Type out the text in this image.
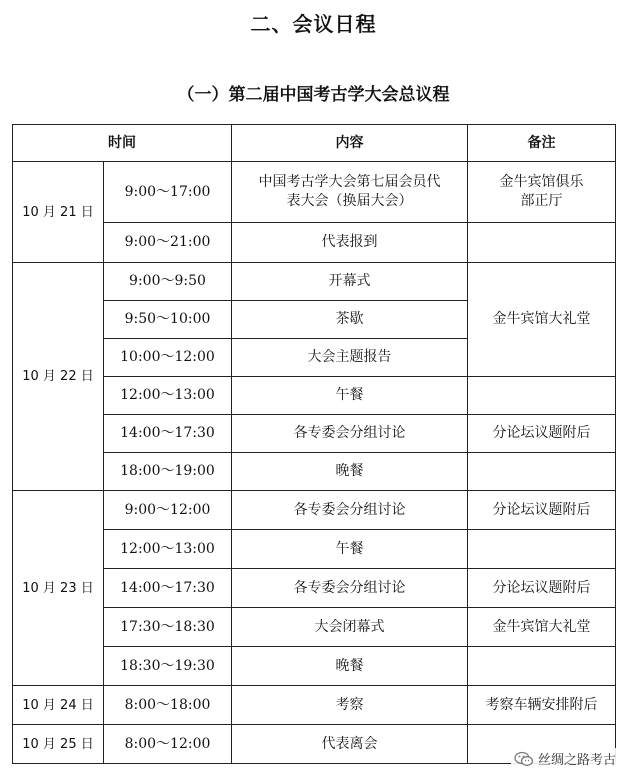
二、会议日程
（一）第二届中国考古学大会总议程
时间		内容	备注
10 月 21 日	9:00～17:00	中国考古学大会第七届会员代表大会（换届大会）	金牛宾馆俱乐部正厅
	9:00～21:00	代表报到	
10 月 22 日	9:00～9:50	开幕式	金牛宾馆大礼堂
	9:50～10:00	茶歇	
	10:00～12:00	大会主题报告	
	12:00～13:00	午餐	
	14:00～17:30	各专委会分组讨论	分论坛议题附后
	18:00～19:00	晚餐	
10 月 23 日	9:00～12:00	各专委会分组讨论	分论坛议题附后
	12:00～13:00	午餐	
	14:00～17:30	各专委会分组讨论	分论坛议题附后
	17:30～18:30	大会闭幕式	金牛宾馆大礼堂
	18:30～19:30	晚餐	
10 月 24 日	8:00～18:00	考察	考察车辆安排附后
10 月 25 日	8:00～12:00	代表离会	
丝绸之路考古
